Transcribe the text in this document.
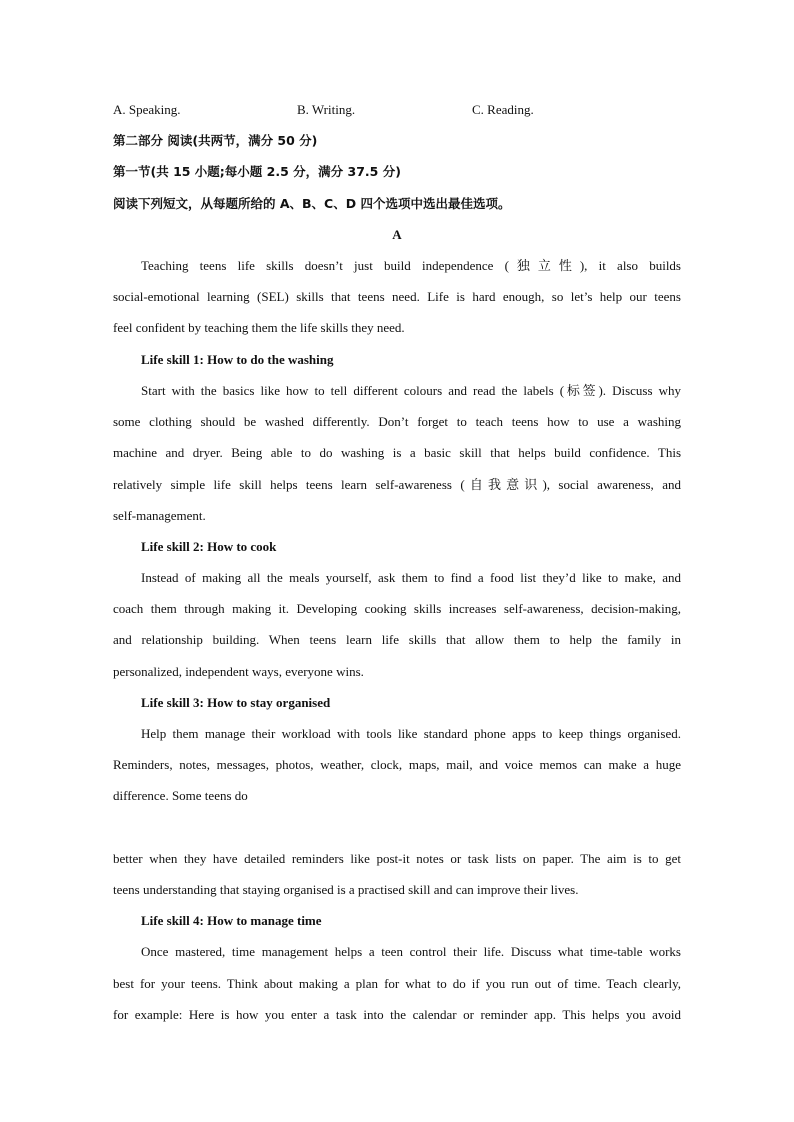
A. Speaking.	B. Writing.	C. Reading.
第二部分 阅读(共两节，满分 50 分)
第一节(共 15 小题;每小题 2.5 分，满分 37.5 分)
阅读下列短文，从每题所给的 A、B、C、D 四个选项中选出最佳选项。
A
Teaching teens life skills doesn’t just build independence (独立性), it also builds
social-emotional learning (SEL) skills that teens need. Life is hard enough, so let’s help our teens
feel confident by teaching them the life skills they need.
Life skill 1: How to do the washing
Start with the basics like how to tell different colours and read the labels (标签). Discuss why
some clothing should be washed differently. Don’t forget to teach teens how to use a washing
machine and dryer. Being able to do washing is a basic skill that helps build confidence. This
relatively simple life skill helps teens learn self-awareness (自我意识), social awareness, and
self-management.
Life skill 2: How to cook
Instead of making all the meals yourself, ask them to find a food list they’d like to make, and
coach them through making it. Developing cooking skills increases self-awareness, decision-making,
and relationship building. When teens learn life skills that allow them to help the family in
personalized, independent ways, everyone wins.
Life skill 3: How to stay organised
Help them manage their workload with tools like standard phone apps to keep things organised.
Reminders, notes, messages, photos, weather, clock, maps, mail, and voice memos can make a huge
difference. Some teens do
better when they have detailed reminders like post-it notes or task lists on paper. The aim is to get
teens understanding that staying organised is a practised skill and can improve their lives.
Life skill 4: How to manage time
Once mastered, time management helps a teen control their life. Discuss what time-table works
best for your teens. Think about making a plan for what to do if you run out of time. Teach clearly,
for example: Here is how you enter a task into the calendar or reminder app. This helps you avoid
